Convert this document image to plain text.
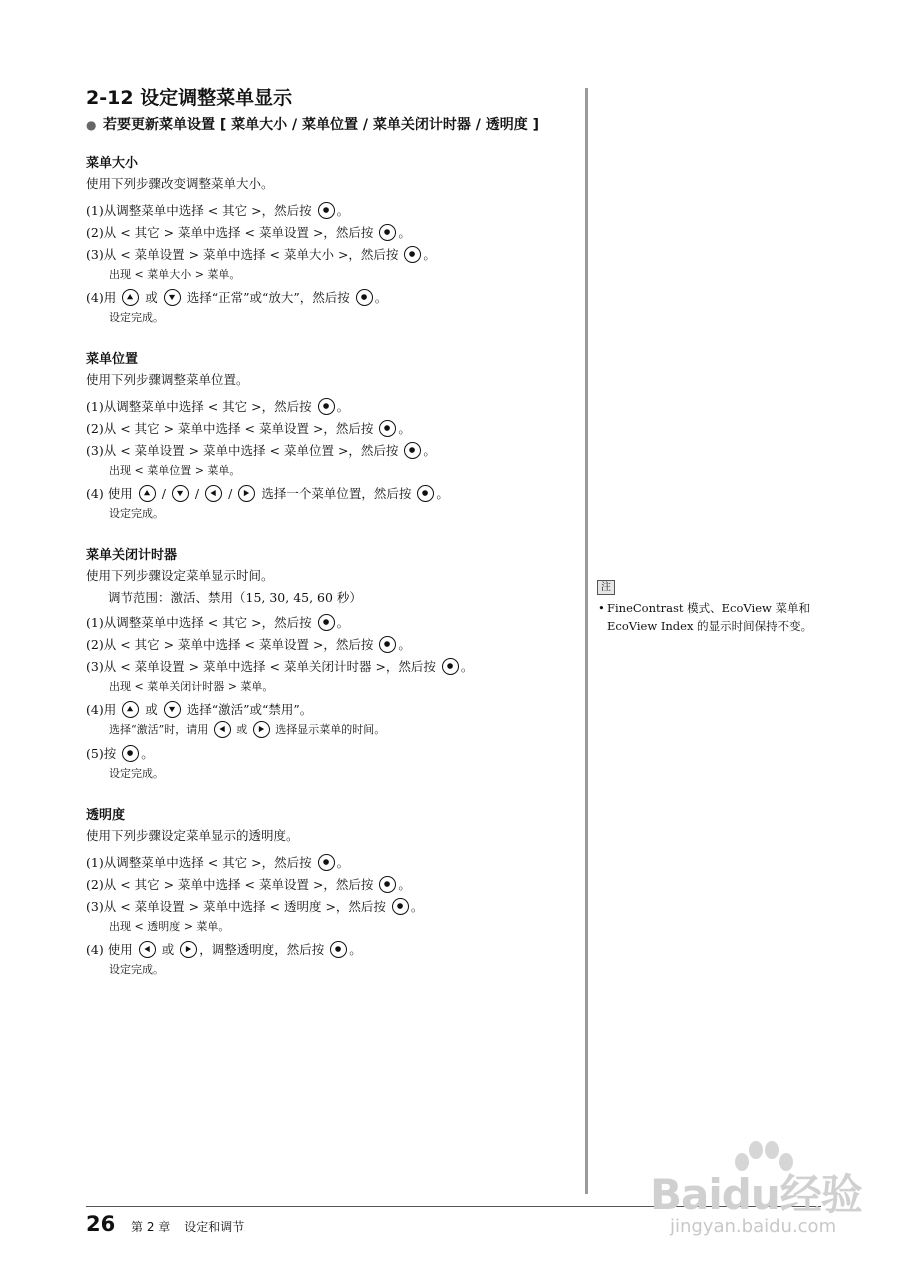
2-12 设定调整菜单显示
● 若要更新菜单设置 [ 菜单大小 / 菜单位置 / 菜单关闭计时器 / 透明度 ]
菜单大小
使用下列步骤改变调整菜单大小。
(1)从调整菜单中选择 < 其它 >，然后按 。
(2)从 < 其它 > 菜单中选择 < 菜单设置 >，然后按 。
(3)从 < 菜单设置 > 菜单中选择 < 菜单大小 >，然后按 。
出现 < 菜单大小 > 菜单。
(4)用 或 选择“正常”或“放大”，然后按 。
设定完成。
菜单位置
使用下列步骤调整菜单位置。
(1)从调整菜单中选择 < 其它 >，然后按 。
(2)从 < 其它 > 菜单中选择 < 菜单设置 >，然后按 。
(3)从 < 菜单设置 > 菜单中选择 < 菜单位置 >，然后按 。
出现 < 菜单位置 > 菜单。
(4) 使用 / / / 选择一个菜单位置，然后按 。
设定完成。
菜单关闭计时器
使用下列步骤设定菜单显示时间。
调节范围：激活、禁用（15, 30, 45, 60 秒）
(1)从调整菜单中选择 < 其它 >，然后按 。
(2)从 < 其它 > 菜单中选择 < 菜单设置 >，然后按 。
(3)从 < 菜单设置 > 菜单中选择 < 菜单关闭计时器 >，然后按 。
出现 < 菜单关闭计时器 > 菜单。
(4)用 或 选择“激活”或“禁用”。
选择“激活”时，请用	或	选择显示菜单的时间。
(5)按 。
设定完成。
透明度
使用下列步骤设定菜单显示的透明度。
(1)从调整菜单中选择 < 其它 >，然后按 。
(2)从 < 其它 > 菜单中选择 < 菜单设置 >，然后按 。
(3)从 < 菜单设置 > 菜单中选择 < 透明度 >，然后按 。
出现 < 透明度 > 菜单。
(4) 使用 或 ，调整透明度，然后按 。
设定完成。
注
• FineContrast 模式、EcoView 菜单和 EcoView Index 的显示时间保持不变。
26 第 2 章 设定和调节
Baidu经验
jingyan.baidu.com
